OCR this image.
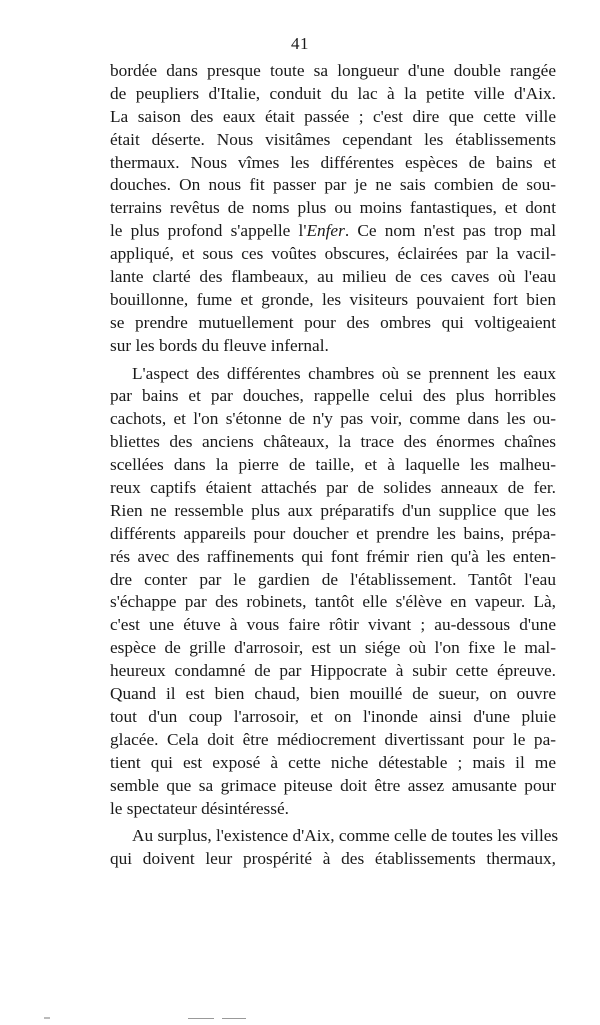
41
bordée dans presque toute sa longueur d'une double rangée
de peupliers d'Italie, conduit du lac à la petite ville d'Aix.
La saison des eaux était passée ; c'est dire que cette ville
était déserte. Nous visitâmes cependant les établissements
thermaux. Nous vîmes les différentes espèces de bains et
douches. On nous fit passer par je ne sais combien de sou-
terrains revêtus de noms plus ou moins fantastiques, et dont
le plus profond s'appelle l'Enfer. Ce nom n'est pas trop mal
appliqué, et sous ces voûtes obscures, éclairées par la vacil-
lante clarté des flambeaux, au milieu de ces caves où l'eau
bouillonne, fume et gronde, les visiteurs pouvaient fort bien
se prendre mutuellement pour des ombres qui voltigeaient
sur les bords du fleuve infernal.
L'aspect des différentes chambres où se prennent les eaux
par bains et par douches, rappelle celui des plus horribles
cachots, et l'on s'étonne de n'y pas voir, comme dans les ou-
bliettes des anciens châteaux, la trace des énormes chaînes
scellées dans la pierre de taille, et à laquelle les malheu-
reux captifs étaient attachés par de solides anneaux de fer.
Rien ne ressemble plus aux préparatifs d'un supplice que les
différents appareils pour doucher et prendre les bains, prépa-
rés avec des raffinements qui font frémir rien qu'à les enten-
dre conter par le gardien de l'établissement. Tantôt l'eau
s'échappe par des robinets, tantôt elle s'élève en vapeur. Là,
c'est une étuve à vous faire rôtir vivant ; au-dessous d'une
espèce de grille d'arrosoir, est un siége où l'on fixe le mal-
heureux condamné de par Hippocrate à subir cette épreuve.
Quand il est bien chaud, bien mouillé de sueur, on ouvre
tout d'un coup l'arrosoir, et on l'inonde ainsi d'une pluie
glacée. Cela doit être médiocrement divertissant pour le pa-
tient qui est exposé à cette niche détestable ; mais il me
semble que sa grimace piteuse doit être assez amusante pour
le spectateur désintéressé.
Au surplus, l'existence d'Aix, comme celle de toutes les villes
qui doivent leur prospérité à des établissements thermaux,
